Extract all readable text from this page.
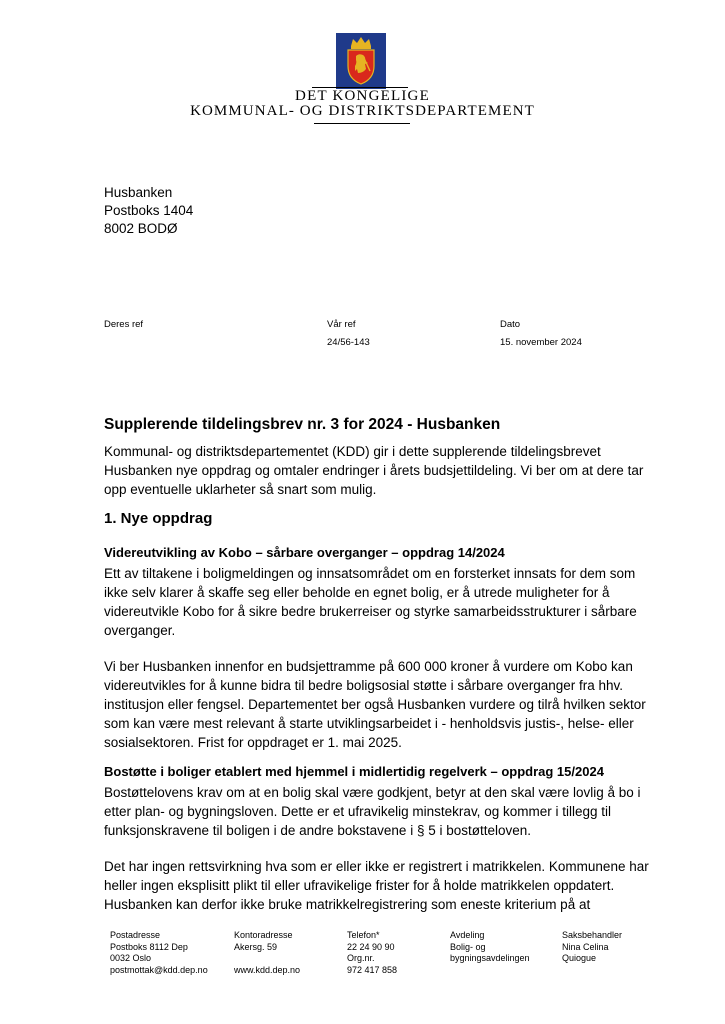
DET KONGELIGE
KOMMUNAL- OG DISTRIKTSDEPARTEMENT
Husbanken
Postboks 1404
8002 BODØ
Deres ref	Vår ref
24/56-143
Dato
15. november 2024
Supplerende tildelingsbrev nr. 3 for 2024 - Husbanken

Kommunal- og distriktsdepartementet (KDD) gir i dette supplerende tildelingsbrevet

Husbanken nye oppdrag og omtaler endringer i årets budsjettildeling. Vi ber om at dere tar

opp eventuelle uklarheter så snart som mulig.

1. Nye oppdrag
Videreutvikling av Kobo – sårbare overganger – oppdrag 14/2024

Ett av tiltakene i boligmeldingen og innsatsområdet om en forsterket innsats for dem som

ikke selv klarer å skaffe seg eller beholde en egnet bolig, er å utrede muligheter for å

videreutvikle Kobo for å sikre bedre brukerreiser og styrke samarbeidsstrukturer i sårbare

overganger.

Vi ber Husbanken innenfor en budsjettramme på 600 000 kroner å vurdere om Kobo kan

videreutvikles for å kunne bidra til bedre boligsosial støtte i sårbare overganger fra hhv.

institusjon eller fengsel. Departementet ber også Husbanken vurdere og tilrå hvilken sektor

som kan være mest relevant å starte utviklingsarbeidet i - henholdsvis justis-, helse- eller

sosialsektoren. Frist for oppdraget er 1. mai 2025.

Bostøtte i boliger etablert med hjemmel i midlertidig regelverk – oppdrag 15/2024

Bostøttelovens krav om at en bolig skal være godkjent, betyr at den skal være lovlig å bo i

etter plan- og bygningsloven. Dette er et ufravikelig minstekrav, og kommer i tillegg til

funksjonskravene til boligen i de andre bokstavene i § 5 i bostøtteloven.

Det har ingen rettsvirkning hva som er eller ikke er registrert i matrikkelen. Kommunene har

heller ingen eksplisitt plikt til eller ufravikelige frister for å holde matrikkelen oppdatert.

Husbanken kan derfor ikke bruke matrikkelregistrering som eneste kriterium på at

Postadresse
Postboks 8112 Dep
0032 Oslo
postmottak@kdd.dep.no
Kontoradresse
Akersg. 59

www.kdd.dep.no
Telefon*
22 24 90 90
Org.nr.
972 417 858
Avdeling
Bolig- og
bygningsavdelingen
Saksbehandler
Nina Celina
Quiogue
